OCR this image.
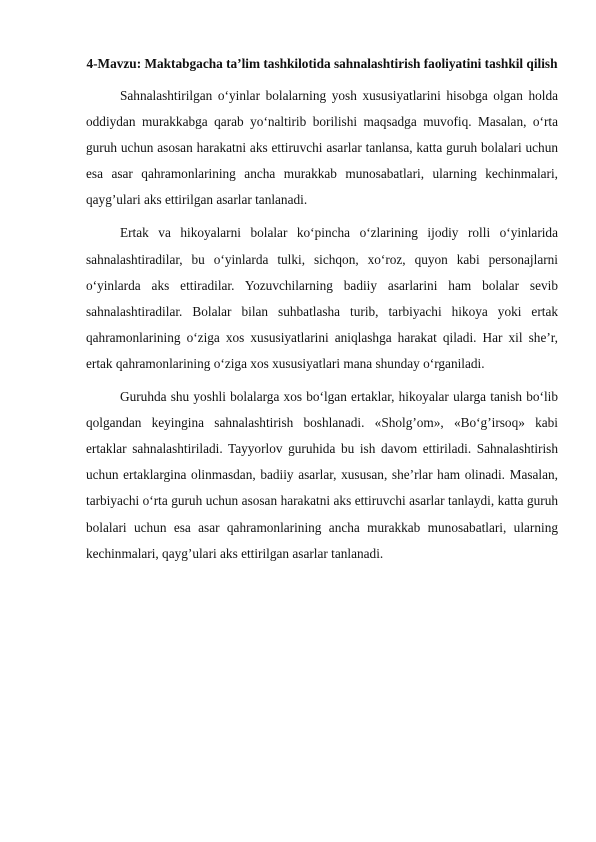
4-Mavzu: Maktabgacha ta’lim tashkilotida sahnalashtirish faoliyatini tashkil qilish

Sahnalashtirilgan o‘yinlar bolalarning yosh xususiyatlarini hisobga olgan holda oddiydan murakkabga qarab yo‘naltirib borilishi maqsadga muvofiq. Masalan, o‘rta guruh uchun asosan harakatni aks ettiruvchi asarlar tanlansa, katta guruh bolalari uchun esa asar qahramonlarining ancha murakkab munosabatlari, ularning kechinmalari, qayg’ulari aks ettirilgan asarlar tanlanadi.

Ertak va hikoyalarni bolalar ko‘pincha o‘zlarining ijodiy rolli o‘yinlarida sahnalashtiradilar, bu o‘yinlarda tulki, sichqon, xo‘roz, quyon kabi personajlarni o‘yinlarda aks ettiradilar. Yozuvchilarning badiiy asarlarini ham bolalar sevib sahnalashtiradilar. Bolalar bilan suhbatlasha turib, tarbiyachi hikoya yoki ertak qahramonlarining o‘ziga xos xususiyatlarini aniqlashga harakat qiladi. Har xil she’r, ertak qahramonlarining o‘ziga xos xususiyatlari mana shunday o‘rganiladi.

Guruhda shu yoshli bolalarga xos bo‘lgan ertaklar, hikoyalar ularga tanish bo‘lib qolgandan keyingina sahnalashtirish boshlanadi. «Sholg’om», «Bo‘g’irsoq» kabi ertaklar sahnalashtiriladi. Tayyorlov guruhida bu ish davom ettiriladi. Sahnalashtirish uchun ertaklargina olinmasdan, badiiy asarlar, xususan, she’rlar ham olinadi. Masalan, tarbiyachi o‘rta guruh uchun asosan harakatni aks ettiruvchi asarlar tanlaydi, katta guruh bolalari uchun esa asar qahramonlarining ancha murakkab munosabatlari, ularning kechinmalari, qayg’ulari aks ettirilgan asarlar tanlanadi.
